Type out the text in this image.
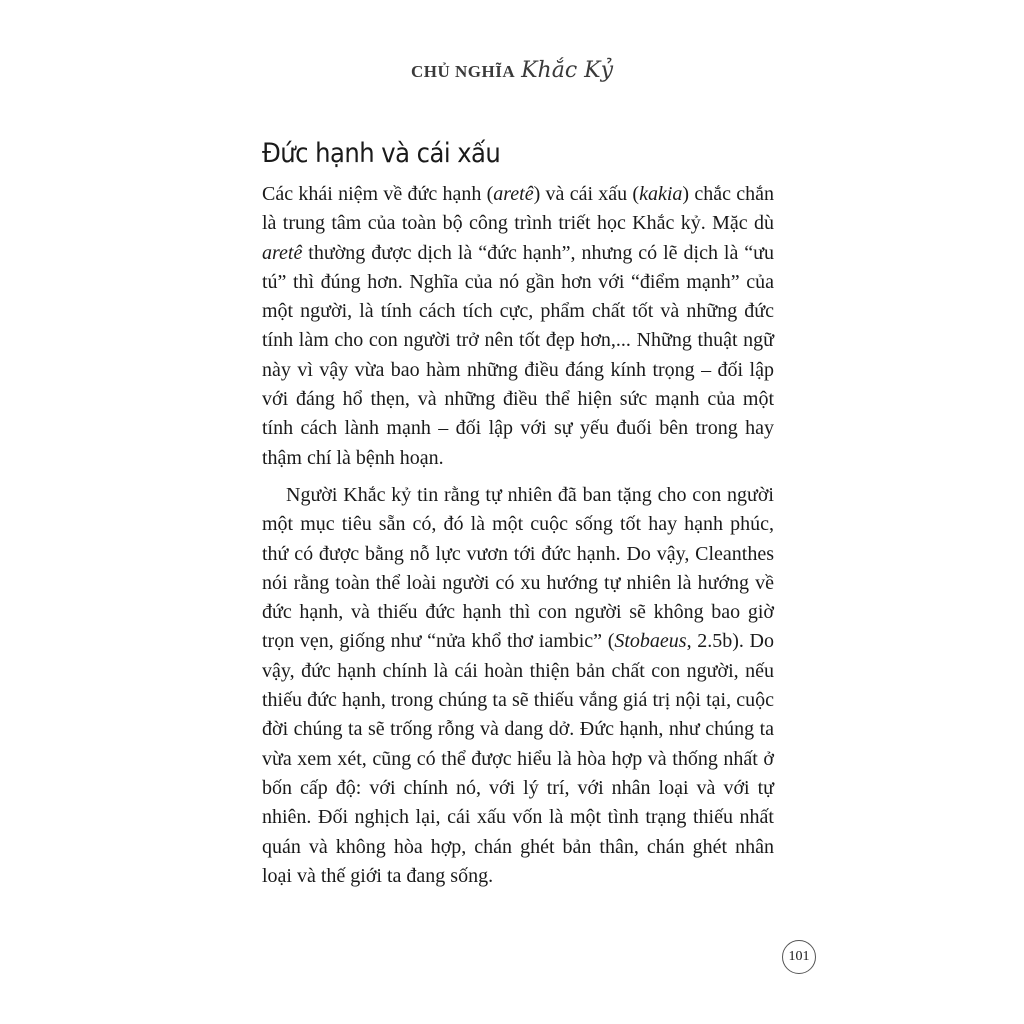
CHỦ NGHĨA Khắc Kỷ
Đức hạnh và cái xấu

Các khái niệm về đức hạnh (aretê) và cái xấu (kakia) chắc chắn là trung tâm của toàn bộ công trình triết học Khắc kỷ. Mặc dù aretê thường được dịch là “đức hạnh”, nhưng có lẽ dịch là “ưu tú” thì đúng hơn. Nghĩa của nó gần hơn với “điểm mạnh” của một người, là tính cách tích cực, phẩm chất tốt và những đức tính làm cho con người trở nên tốt đẹp hơn,... Những thuật ngữ này vì vậy vừa bao hàm những điều đáng kính trọng – đối lập với đáng hổ thẹn, và những điều thể hiện sức mạnh của một tính cách lành mạnh – đối lập với sự yếu đuối bên trong hay thậm chí là bệnh hoạn.

Người Khắc kỷ tin rằng tự nhiên đã ban tặng cho con người một mục tiêu sẵn có, đó là một cuộc sống tốt hay hạnh phúc, thứ có được bằng nỗ lực vươn tới đức hạnh. Do vậy, Cleanthes nói rằng toàn thể loài người có xu hướng tự nhiên là hướng về đức hạnh, và thiếu đức hạnh thì con người sẽ không bao giờ trọn vẹn, giống như “nửa khổ thơ iambic” (Stobaeus, 2.5b). Do vậy, đức hạnh chính là cái hoàn thiện bản chất con người, nếu thiếu đức hạnh, trong chúng ta sẽ thiếu vắng giá trị nội tại, cuộc đời chúng ta sẽ trống rỗng và dang dở. Đức hạnh, như chúng ta vừa xem xét, cũng có thể được hiểu là hòa hợp và thống nhất ở bốn cấp độ: với chính nó, với lý trí, với nhân loại và với tự nhiên. Đối nghịch lại, cái xấu vốn là một tình trạng thiếu nhất quán và không hòa hợp, chán ghét bản thân, chán ghét nhân loại và thế giới ta đang sống.

101
